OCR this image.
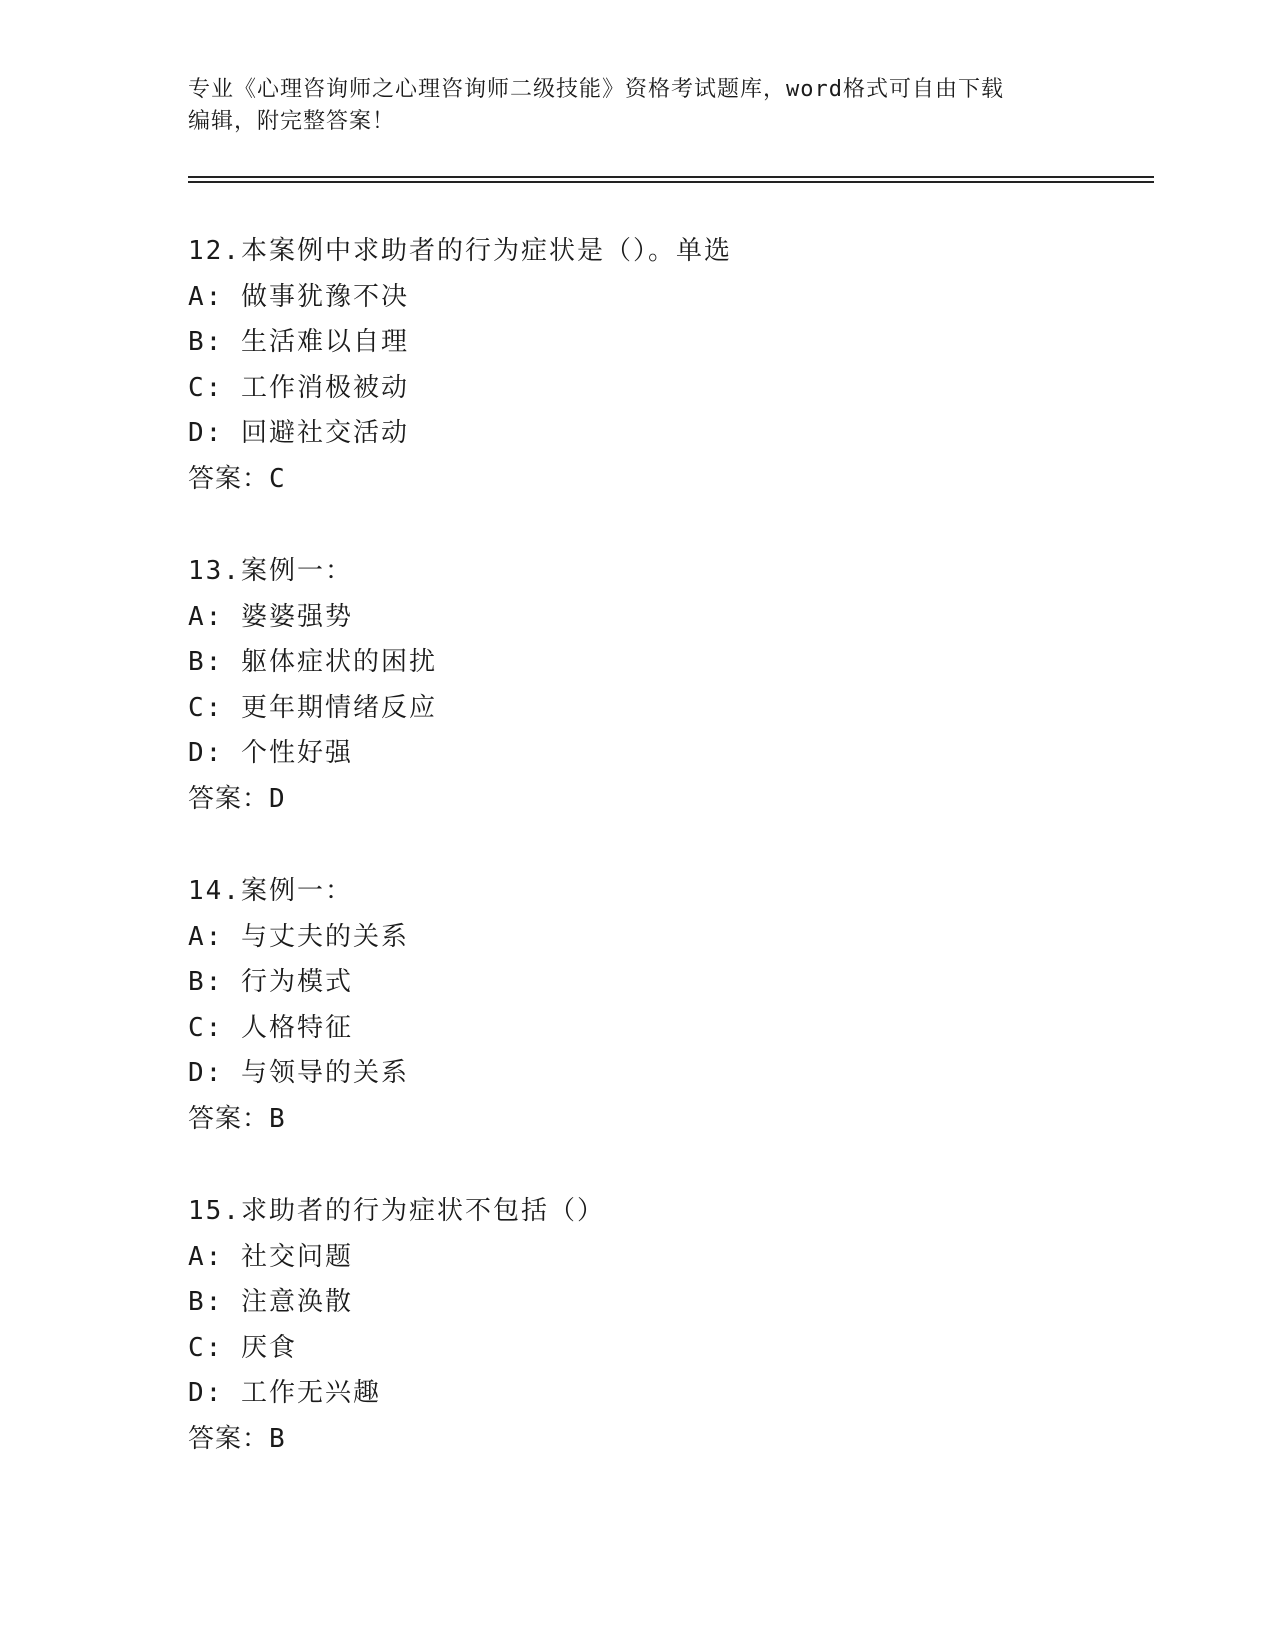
专业《心理咨询师之心理咨询师二级技能》资格考试题库，word格式可自由下载
编辑，附完整答案！
12.本案例中求助者的行为症状是（）。单选
A: 做事犹豫不决
B: 生活难以自理
C: 工作消极被动
D: 回避社交活动
答案：C
13.案例一：
A: 婆婆强势
B: 躯体症状的困扰
C: 更年期情绪反应
D: 个性好强
答案：D
14.案例一：
A: 与丈夫的关系
B: 行为模式
C: 人格特征
D: 与领导的关系
答案：B
15.求助者的行为症状不包括（）
A: 社交问题
B: 注意涣散
C: 厌食
D: 工作无兴趣
答案：B
